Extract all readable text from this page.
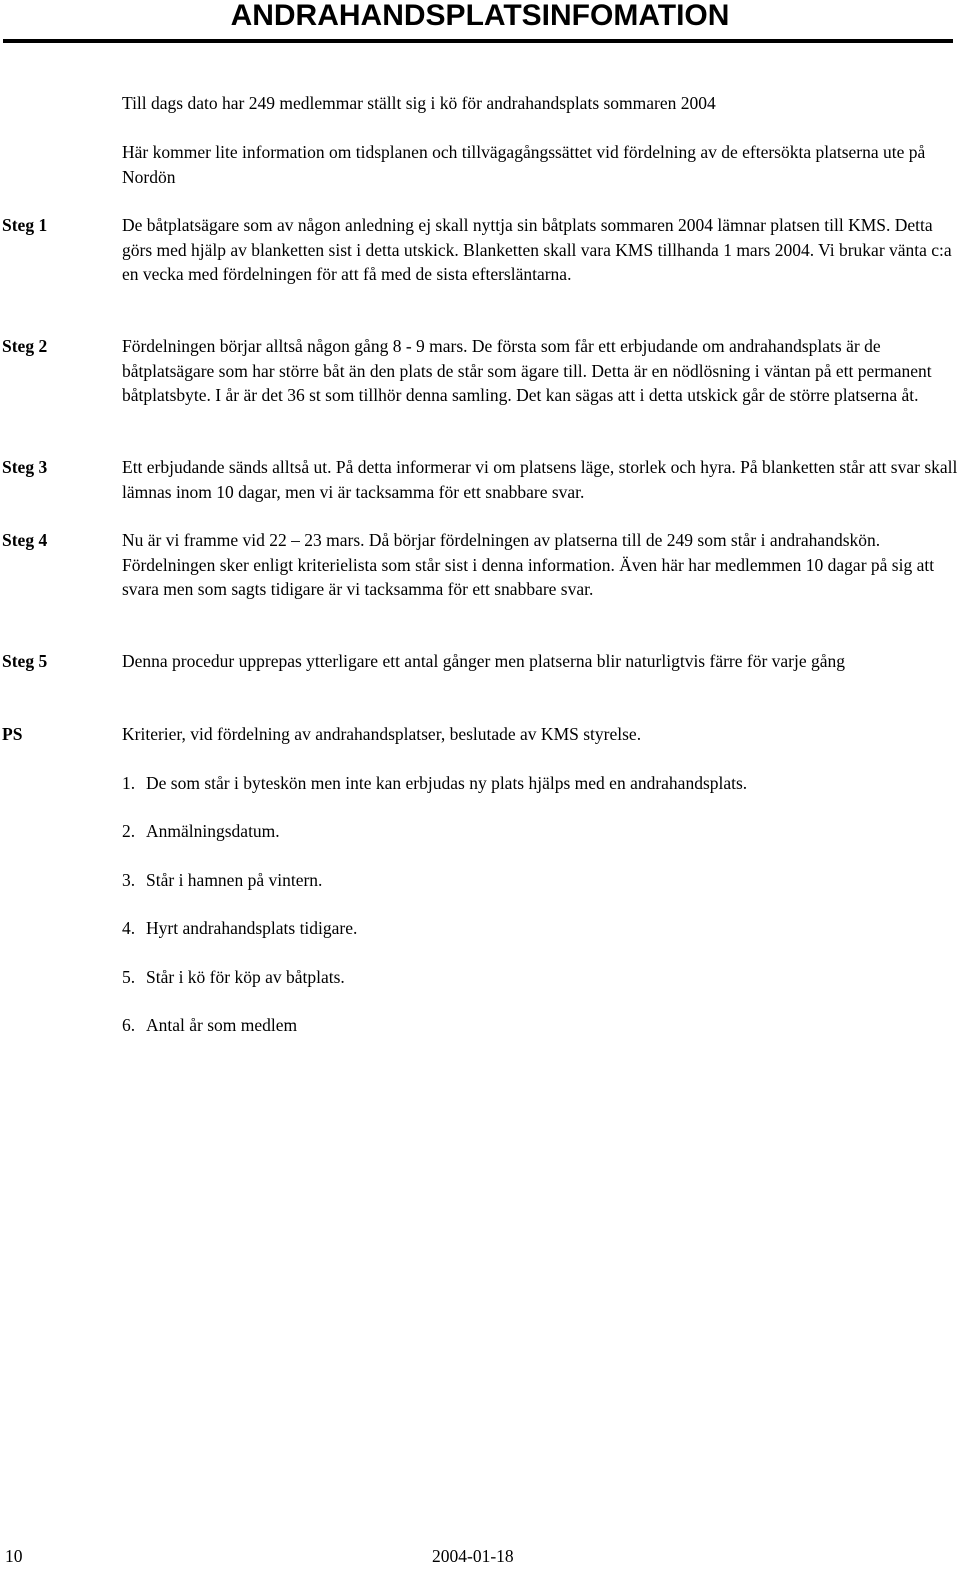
ANDRAHANDSPLATSINFOMATION
Till dags dato har 249 medlemmar ställt sig i kö för andrahandsplats sommaren 2004
Här kommer lite information om tidsplanen och tillvägagångssättet vid fördelning av de eftersökta platserna ute på Nordön
Steg 1	De båtplatsägare som av någon anledning ej skall nyttja sin båtplats sommaren 2004 lämnar platsen till KMS. Detta görs med hjälp av blanketten sist i detta utskick. Blanketten skall vara KMS tillhanda 1 mars 2004. Vi brukar vänta c:a en vecka med fördelningen för att få med de sista eftersläntarna.
Steg 2	Fördelningen börjar alltså någon gång 8 - 9 mars. De första som får ett erbjudande om andrahandsplats är de båtplatsägare som har större båt än den plats de står som ägare till. Detta är en nödlösning i väntan på ett permanent båtplatsbyte. I år är det 36 st som tillhör denna samling. Det kan sägas att i detta utskick går de större platserna åt.
Steg 3	Ett erbjudande sänds alltså ut. På detta informerar vi om platsens läge, storlek och hyra. På blanketten står att svar skall lämnas inom 10 dagar, men vi är tacksamma för ett snabbare svar.
Steg 4	Nu är vi framme vid 22 – 23 mars. Då börjar fördelningen av platserna till de 249 som står i andrahandskön. Fördelningen sker enligt kriterielista som står sist i denna information. Även här har medlemmen 10 dagar på sig att svara men som sagts tidigare är vi tacksamma för ett snabbare svar.
Steg 5	Denna procedur upprepas ytterligare ett antal gånger men platserna blir naturligtvis färre för varje gång
PS	Kriterier, vid fördelning av andrahandsplatser, beslutade av KMS styrelse.
1. De som står i byteskön men inte kan erbjudas ny plats hjälps med en andrahandsplats.
2. Anmälningsdatum.
3. Står i hamnen på vintern.
4. Hyrt andrahandsplats tidigare.
5. Står i kö för köp av båtplats.
6. Antal år som medlem
10	2004-01-18
